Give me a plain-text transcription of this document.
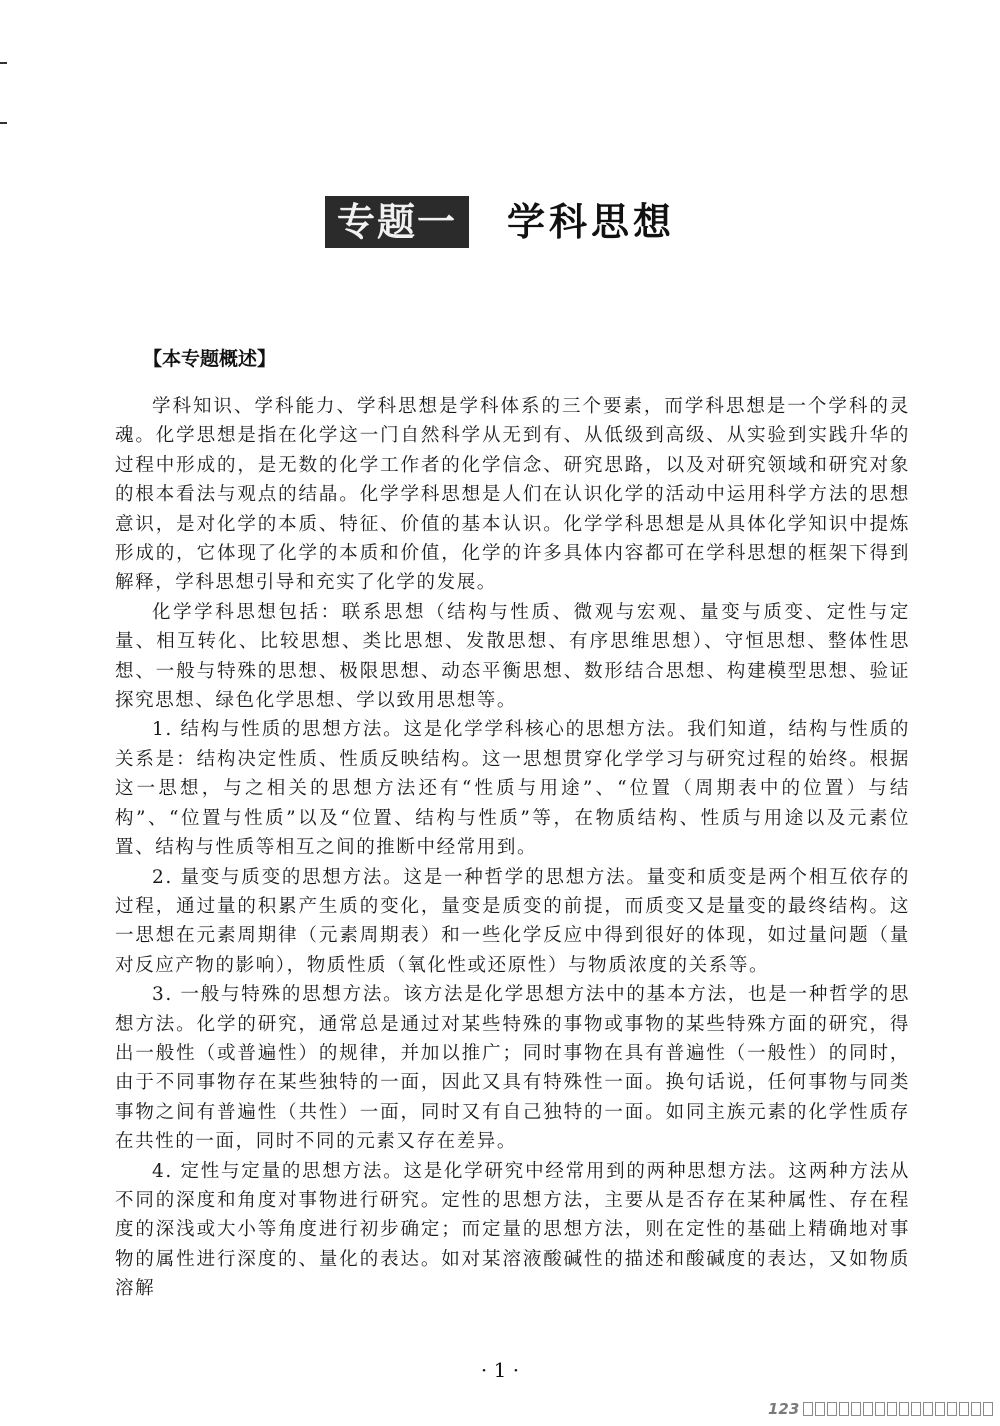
专题一 学科思想
【本专题概述】

学科知识、学科能力、学科思想是学科体系的三个要素，而学科思想是一个学科的灵魂。化学思想是指在化学这一门自然科学从无到有、从低级到高级、从实验到实践升华的过程中形成的，是无数的化学工作者的化学信念、研究思路，以及对研究领域和研究对象的根本看法与观点的结晶。化学学科思想是人们在认识化学的活动中运用科学方法的思想意识，是对化学的本质、特征、价值的基本认识。化学学科思想是从具体化学知识中提炼形成的，它体现了化学的本质和价值，化学的许多具体内容都可在学科思想的框架下得到解释，学科思想引导和充实了化学的发展。

化学学科思想包括：联系思想（结构与性质、微观与宏观、量变与质变、定性与定量、相互转化、比较思想、类比思想、发散思想、有序思维思想）、守恒思想、整体性思想、一般与特殊的思想、极限思想、动态平衡思想、数形结合思想、构建模型思想、验证探究思想、绿色化学思想、学以致用思想等。

1. 结构与性质的思想方法。这是化学学科核心的思想方法。我们知道，结构与性质的关系是：结构决定性质、性质反映结构。这一思想贯穿化学学习与研究过程的始终。根据这一思想，与之相关的思想方法还有“性质与用途”、“位置（周期表中的位置）与结构”、“位置与性质”以及“位置、结构与性质”等，在物质结构、性质与用途以及元素位置、结构与性质等相互之间的推断中经常用到。

2. 量变与质变的思想方法。这是一种哲学的思想方法。量变和质变是两个相互依存的过程，通过量的积累产生质的变化，量变是质变的前提，而质变又是量变的最终结构。这一思想在元素周期律（元素周期表）和一些化学反应中得到很好的体现，如过量问题（量对反应产物的影响），物质性质（氧化性或还原性）与物质浓度的关系等。

3. 一般与特殊的思想方法。该方法是化学思想方法中的基本方法，也是一种哲学的思想方法。化学的研究，通常总是通过对某些特殊的事物或事物的某些特殊方面的研究，得出一般性（或普遍性）的规律，并加以推广；同时事物在具有普遍性（一般性）的同时，由于不同事物存在某些独特的一面，因此又具有特殊性一面。换句话说，任何事物与同类事物之间有普遍性（共性）一面，同时又有自己独特的一面。如同主族元素的化学性质存在共性的一面，同时不同的元素又存在差异。

4. 定性与定量的思想方法。这是化学研究中经常用到的两种思想方法。这两种方法从不同的深度和角度对事物进行研究。定性的思想方法，主要从是否存在某种属性、存在程度的深浅或大小等角度进行初步确定；而定量的思想方法，则在定性的基础上精确地对事物的属性进行深度的、量化的表达。如对某溶液酸碱性的描述和酸碱度的表达，又如物质溶解

· 1 ·
123
